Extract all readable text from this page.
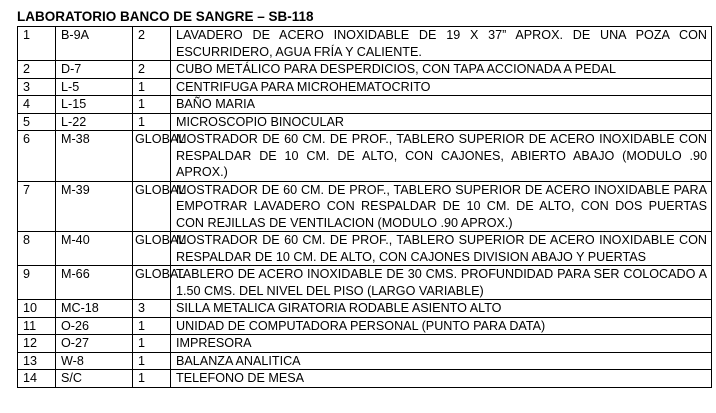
LABORATORIO BANCO DE SANGRE – SB-118
1	B-9A	2	LAVADERO DE ACERO INOXIDABLE DE 19 X 37” APROX. DE UNA POZA CON ESCURRIDERO, AGUA FRÍA Y CALIENTE.
2	D-7	2	CUBO METÁLICO PARA DESPERDICIOS, CON TAPA ACCIONADA A PEDAL
3	L-5	1	CENTRIFUGA PARA MICROHEMATOCRITO
4	L-15	1	BAÑO MARIA
5	L-22	1	MICROSCOPIO BINOCULAR
6	M-38	GLOBAL	MOSTRADOR DE 60 CM. DE PROF., TABLERO SUPERIOR DE ACERO INOXIDABLE CON RESPALDAR DE 10 CM. DE ALTO, CON CAJONES, ABIERTO ABAJO (MODULO .90 APROX.)
7	M-39	GLOBAL	MOSTRADOR DE 60 CM. DE PROF., TABLERO SUPERIOR DE ACERO INOXIDABLE PARA EMPOTRAR LAVADERO CON RESPALDAR DE 10 CM. DE ALTO, CON DOS PUERTAS CON REJILLAS DE VENTILACION (MODULO .90 APROX.)
8	M-40	GLOBAL	MOSTRADOR DE 60 CM. DE PROF., TABLERO SUPERIOR DE ACERO INOXIDABLE CON RESPALDAR DE 10 CM. DE ALTO, CON CAJONES DIVISION ABAJO Y PUERTAS
9	M-66	GLOBAL	TABLERO DE ACERO INOXIDABLE DE 30 CMS. PROFUNDIDAD PARA SER COLOCADO A 1.50 CMS. DEL NIVEL DEL PISO (LARGO VARIABLE)
10	MC-18	3	SILLA METALICA GIRATORIA RODABLE ASIENTO ALTO
11	O-26	1	UNIDAD DE COMPUTADORA PERSONAL (PUNTO PARA DATA)
12	O-27	1	IMPRESORA
13	W-8	1	BALANZA ANALITICA
14	S/C	1	TELEFONO DE MESA
